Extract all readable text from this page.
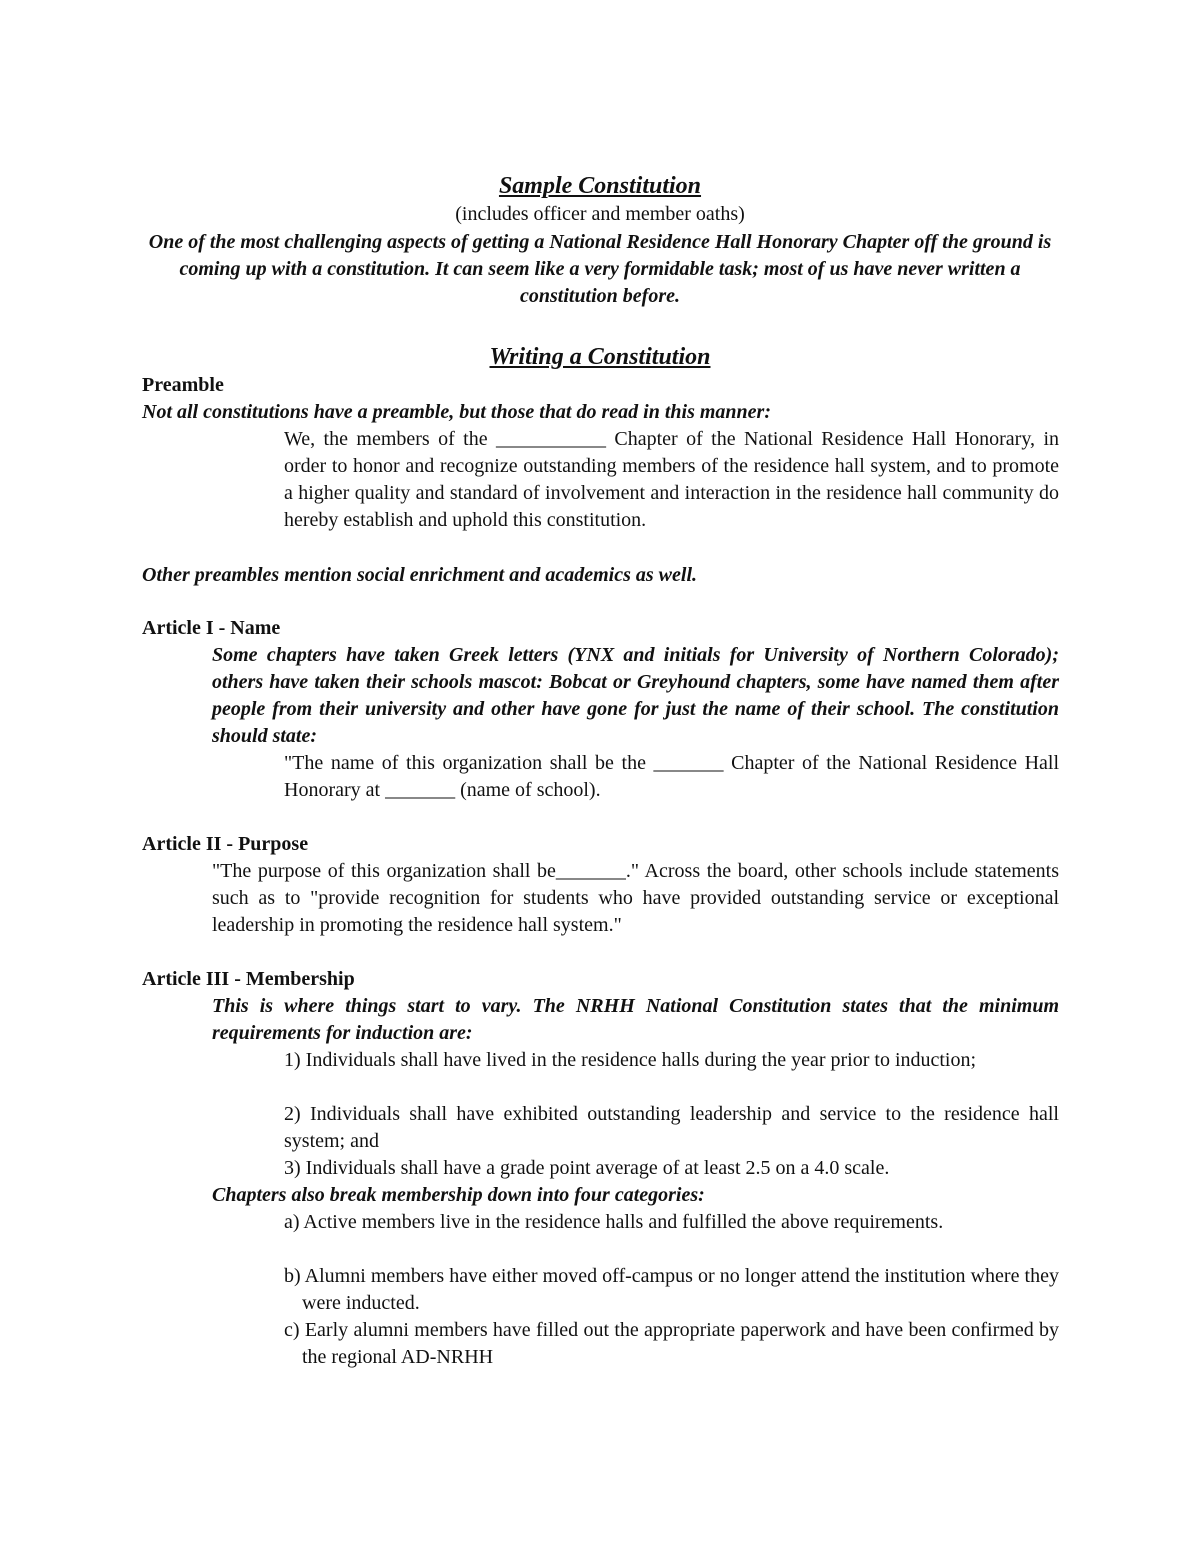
Sample Constitution
(includes officer and member oaths)
One of the most challenging aspects of getting a National Residence Hall Honorary Chapter off the ground is coming up with a constitution. It can seem like a very formidable task; most of us have never written a constitution before.
Writing a Constitution
Preamble
Not all constitutions have a preamble, but those that do read in this manner:
We, the members of the ___________ Chapter of the National Residence Hall Honorary, in order to honor and recognize outstanding members of the residence hall system, and to promote a higher quality and standard of involvement and interaction in the residence hall community do hereby establish and uphold this constitution.
Other preambles mention social enrichment and academics as well.
Article I - Name
Some chapters have taken Greek letters (YNX and initials for University of Northern Colorado); others have taken their schools mascot: Bobcat or Greyhound chapters, some have named them after people from their university and other have gone for just the name of their school. The constitution should state:
"The name of this organization shall be the _______ Chapter of the National Residence Hall Honorary at _______ (name of school).
Article II - Purpose
"The purpose of this organization shall be_______." Across the board, other schools include statements such as to "provide recognition for students who have provided outstanding service or exceptional leadership in promoting the residence hall system."
Article III - Membership
This is where things start to vary. The NRHH National Constitution states that the minimum requirements for induction are:
1) Individuals shall have lived in the residence halls during the year prior to induction;
2) Individuals shall have exhibited outstanding leadership and service to the residence hall system; and
3) Individuals shall have a grade point average of at least 2.5 on a 4.0 scale.
Chapters also break membership down into four categories:
a) Active members live in the residence halls and fulfilled the above requirements.
b) Alumni members have either moved off-campus or no longer attend the institution where they were inducted.
c) Early alumni members have filled out the appropriate paperwork and have been confirmed by the regional AD-NRHH
